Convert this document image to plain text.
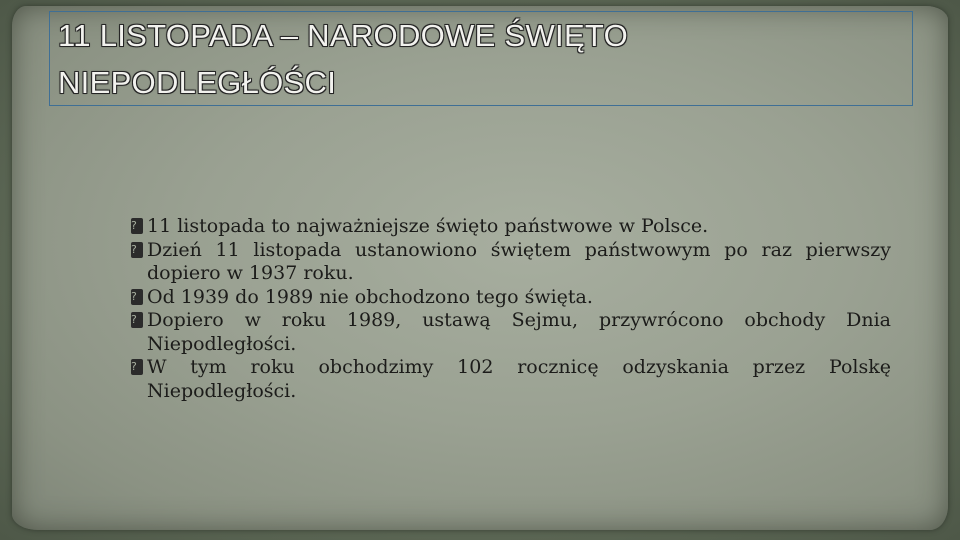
11 LISTOPADA – NARODOWE ŚWIĘTO NIEPODLEGŁÓŚCI
? 11 listopada to najważniejsze święto państwowe w Polsce.
? Dzień 11 listopada ustanowiono świętem państwowym po raz pierwszy dopiero w 1937 roku.
? Od 1939 do 1989 nie obchodzono tego święta.
? Dopiero w roku 1989, ustawą Sejmu, przywrócono obchody Dnia Niepodległości.
? W tym roku obchodzimy 102 rocznicę odzyskania przez Polskę Niepodległości.
